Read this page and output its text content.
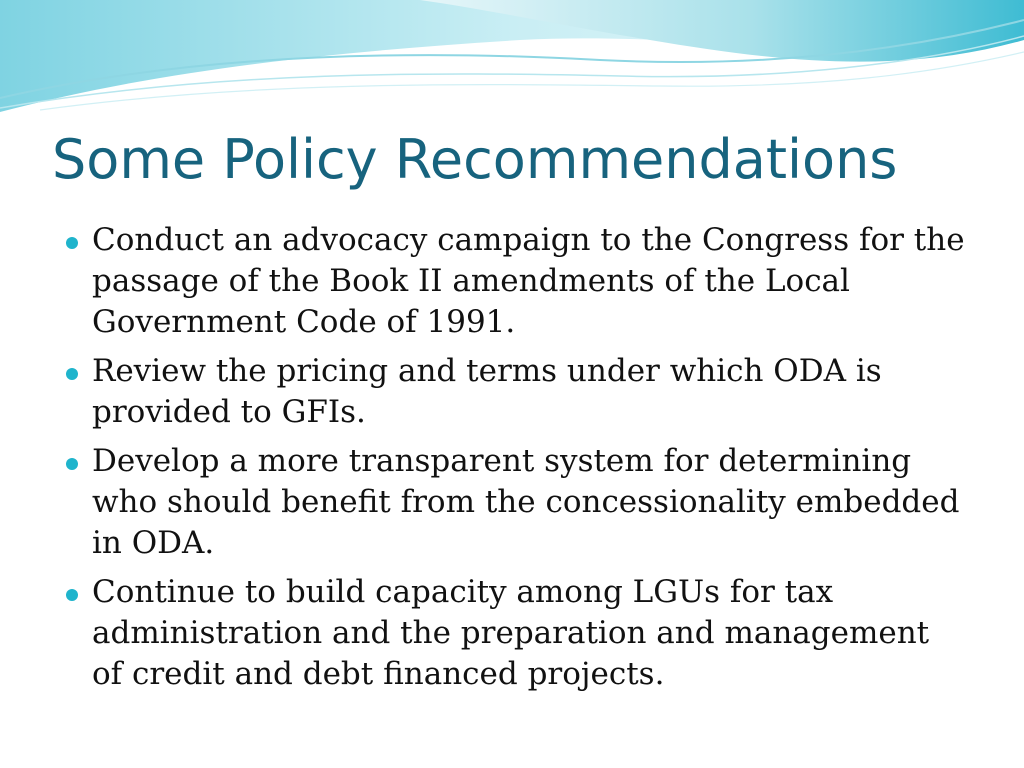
Some Policy Recommendations
Conduct an advocacy campaign to the Congress for the passage of the Book II amendments of the Local Government Code of 1991.
Review the pricing and terms under which ODA is provided to GFIs.
Develop a more transparent system for determining who should benefit from the concessionality embedded in ODA.
Continue to build capacity among LGUs for tax administration and the preparation and management of credit and debt financed projects.
